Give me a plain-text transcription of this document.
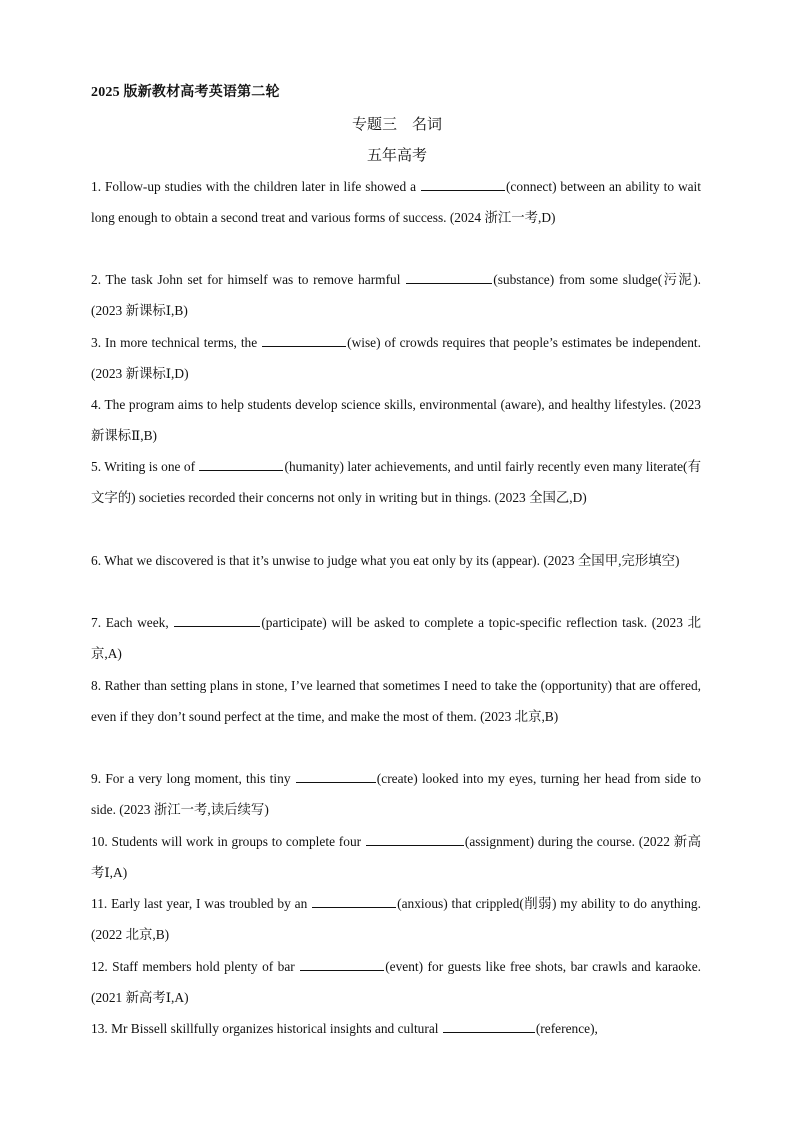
2025 版新教材高考英语第二轮
专题三　名词
五年高考
1. Follow-up studies with the children later in life showed a	(connect) between an ability to wait long enough to obtain a second treat and various forms of success. (2024 浙江一考,D)
2. The task John set for himself was to remove harmful	(substance) from some sludge(污泥). (2023 新课标Ⅰ,B)
3. In more technical terms, the	(wise) of crowds requires that people’s estimates be independent. (2023 新课标Ⅰ,D)
4. The program aims to help students develop science skills, environmental (aware), and healthy lifestyles. (2023 新课标Ⅱ,B)
5. Writing is one of	(humanity) later achievements, and until fairly recently even many literate(有文字的) societies recorded their concerns not only in writing but in things. (2023 全国乙,D)
6. What we discovered is that it’s unwise to judge what you eat only by its (appear). (2023 全国甲,完形填空)
7. Each week,	(participate) will be asked to complete a topic-specific reflection task. (2023 北京,A)
8. Rather than setting plans in stone, I’ve learned that sometimes I need to take the (opportunity) that are offered, even if they don’t sound perfect at the time, and make the most of them. (2023 北京,B)
9. For a very long moment, this tiny	(create) looked into my eyes, turning her head from side to side. (2023 浙江一考,读后续写)
10. Students will work in groups to complete four	(assignment) during the course. (2022 新高考Ⅰ,A)
11. Early last year, I was troubled by an	(anxious) that crippled(削弱) my ability to do anything. (2022 北京,B)
12. Staff members hold plenty of bar	(event) for guests like free shots, bar crawls and karaoke. (2021 新高考Ⅰ,A)
13. Mr Bissell skillfully organizes historical insights and cultural	(reference),
